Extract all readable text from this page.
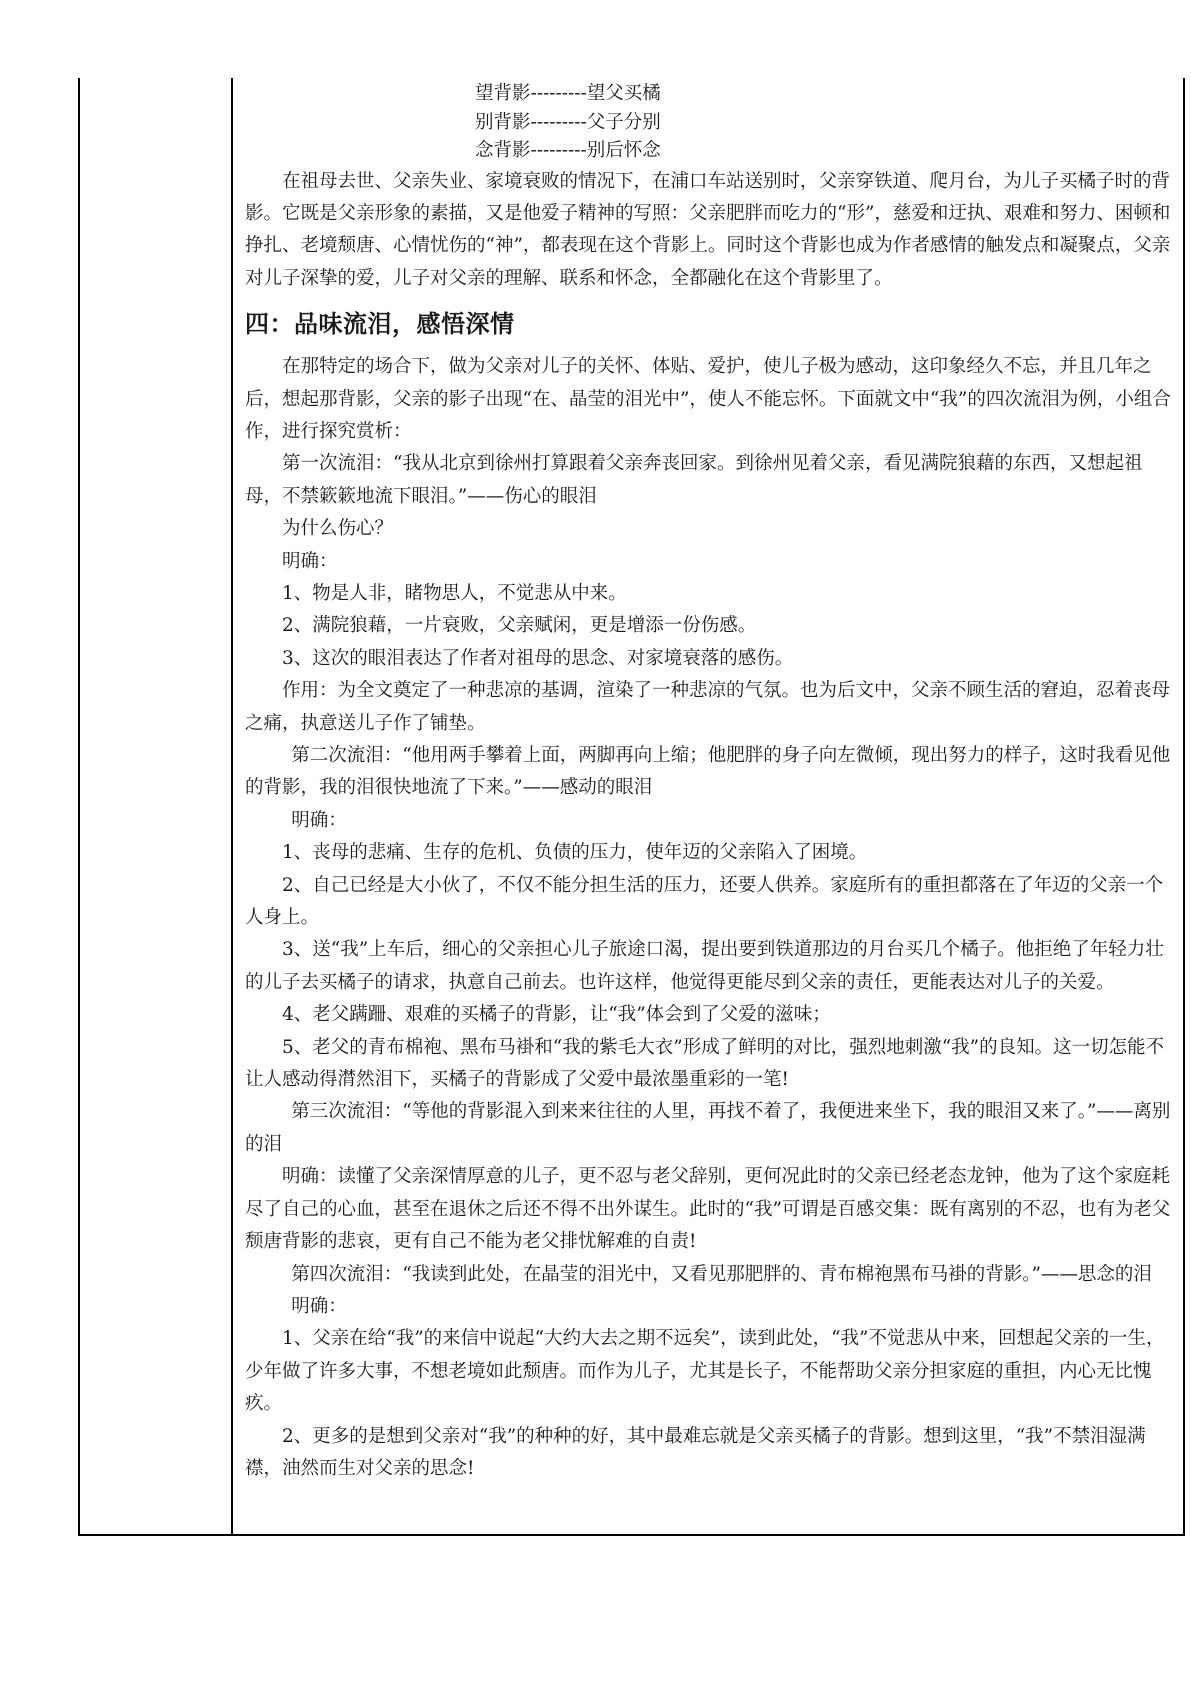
望背影---------望父买橘
别背影---------父子分别
念背影---------别后怀念

在祖母去世、父亲失业、家境衰败的情况下，在浦口车站送别时，父亲穿铁道、爬月台，为儿子买橘子时的背影。它既是父亲形象的素描，又是他爱子精神的写照：父亲肥胖而吃力的“形”，慈爱和迂执、艰难和努力、困顿和挣扎、老境颓唐、心情忧伤的“神”，都表现在这个背影上。同时这个背影也成为作者感情的触发点和凝聚点，父亲对儿子深挚的爱，儿子对父亲的理解、联系和怀念，全都融化在这个背影里了。

四：品味流泪，感悟深情

在那特定的场合下，做为父亲对儿子的关怀、体贴、爱护，使儿子极为感动，这印象经久不忘，并且几年之后，想起那背影，父亲的影子出现“在、晶莹的泪光中”，使人不能忘怀。下面就文中“我”的四次流泪为例，小组合作，进行探究赏析：

第一次流泪：“我从北京到徐州打算跟着父亲奔丧回家。到徐州见着父亲，看见满院狼藉的东西，又想起祖母，不禁簌簌地流下眼泪。”——伤心的眼泪

为什么伤心？

明确：

1、物是人非，睹物思人，不觉悲从中来。

2、满院狼藉，一片衰败，父亲赋闲，更是增添一份伤感。

3、这次的眼泪表达了作者对祖母的思念、对家境衰落的感伤。

作用：为全文奠定了一种悲凉的基调，渲染了一种悲凉的气氛。也为后文中，父亲不顾生活的窘迫，忍着丧母之痛，执意送儿子作了铺垫。

第二次流泪：“他用两手攀着上面，两脚再向上缩；他肥胖的身子向左微倾，现出努力的样子，这时我看见他的背影，我的泪很快地流了下来。”——感动的眼泪

明确：

1、丧母的悲痛、生存的危机、负债的压力，使年迈的父亲陷入了困境。

2、自己已经是大小伙了，不仅不能分担生活的压力，还要人供养。家庭所有的重担都落在了年迈的父亲一个人身上。

3、送“我”上车后，细心的父亲担心儿子旅途口渴，提出要到铁道那边的月台买几个橘子。他拒绝了年轻力壮的儿子去买橘子的请求，执意自己前去。也许这样，他觉得更能尽到父亲的责任，更能表达对儿子的关爱。

4、老父蹒跚、艰难的买橘子的背影，让“我”体会到了父爱的滋味；

5、老父的青布棉袍、黑布马褂和“我的紫毛大衣”形成了鲜明的对比，强烈地刺激“我”的良知。这一切怎能不让人感动得潸然泪下，买橘子的背影成了父爱中最浓墨重彩的一笔!

第三次流泪：“等他的背影混入到来来往往的人里，再找不着了，我便进来坐下，我的眼泪又来了。”——离别的泪

明确：读懂了父亲深情厚意的儿子，更不忍与老父辞别，更何况此时的父亲已经老态龙钟，他为了这个家庭耗尽了自己的心血，甚至在退休之后还不得不出外谋生。此时的“我”可谓是百感交集：既有离别的不忍，也有为老父颓唐背影的悲哀，更有自己不能为老父排忧解难的自责!

第四次流泪：“我读到此处，在晶莹的泪光中，又看见那肥胖的、青布棉袍黑布马褂的背影。”——思念的泪

明确：

1、父亲在给“我”的来信中说起“大约大去之期不远矣”，读到此处，“我”不觉悲从中来，回想起父亲的一生，少年做了许多大事，不想老境如此颓唐。而作为儿子，尤其是长子，不能帮助父亲分担家庭的重担，内心无比愧疚。

2、更多的是想到父亲对“我”的种种的好，其中最难忘就是父亲买橘子的背影。想到这里，“我”不禁泪湿满襟，油然而生对父亲的思念!
